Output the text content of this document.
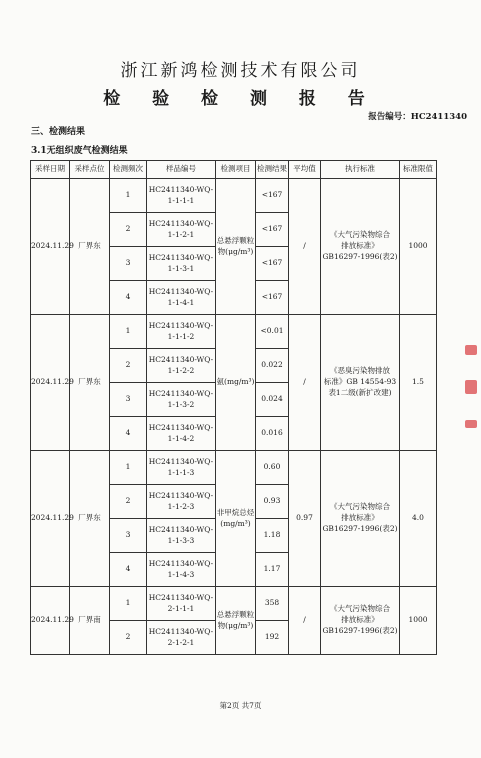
浙江新鸿检测技术有限公司
检 验 检 测 报 告
报告编号：HC2411340
三、检测结果
3.1无组织废气检测结果
采样日期	采样点位	检测频次	样品编号	检测项目	检测结果	平均值	执行标准	标准限值
2024.11.29	厂界东	1	HC2411340-WQ-
1-1-1-1	总悬浮颗粒物(μg/m³)	<167	/	《大气污染物综合
排放标准》
GB16297-1996(表2)	1000
		2	HC2411340-WQ-
1-1-2-1		<167			
		3	HC2411340-WQ-
1-1-3-1		<167			
		4	HC2411340-WQ-
1-1-4-1		<167			
2024.11.29	厂界东	1	HC2411340-WQ-
1-1-1-2	氨(mg/m³)	<0.01	/	《恶臭污染物排放
标准》GB 14554-93
表1二级(新扩改建)	1.5
		2	HC2411340-WQ-
1-1-2-2		0.022			
		3	HC2411340-WQ-
1-1-3-2		0.024			
		4	HC2411340-WQ-
1-1-4-2		0.016			
2024.11.29	厂界东	1	HC2411340-WQ-
1-1-1-3	非甲烷总烃(mg/m³)	0.60	0.97	《大气污染物综合
排放标准》
GB16297-1996(表2)	4.0
		2	HC2411340-WQ-
1-1-2-3		0.93			
		3	HC2411340-WQ-
1-1-3-3		1.18			
		4	HC2411340-WQ-
1-1-4-3		1.17			
2024.11.29	厂界南	1	HC2411340-WQ-
2-1-1-1	总悬浮颗粒物(μg/m³)	358	/	《大气污染物综合
排放标准》
GB16297-1996(表2)	1000
		2	HC2411340-WQ-
2-1-2-1		192			
第2页 共7页
